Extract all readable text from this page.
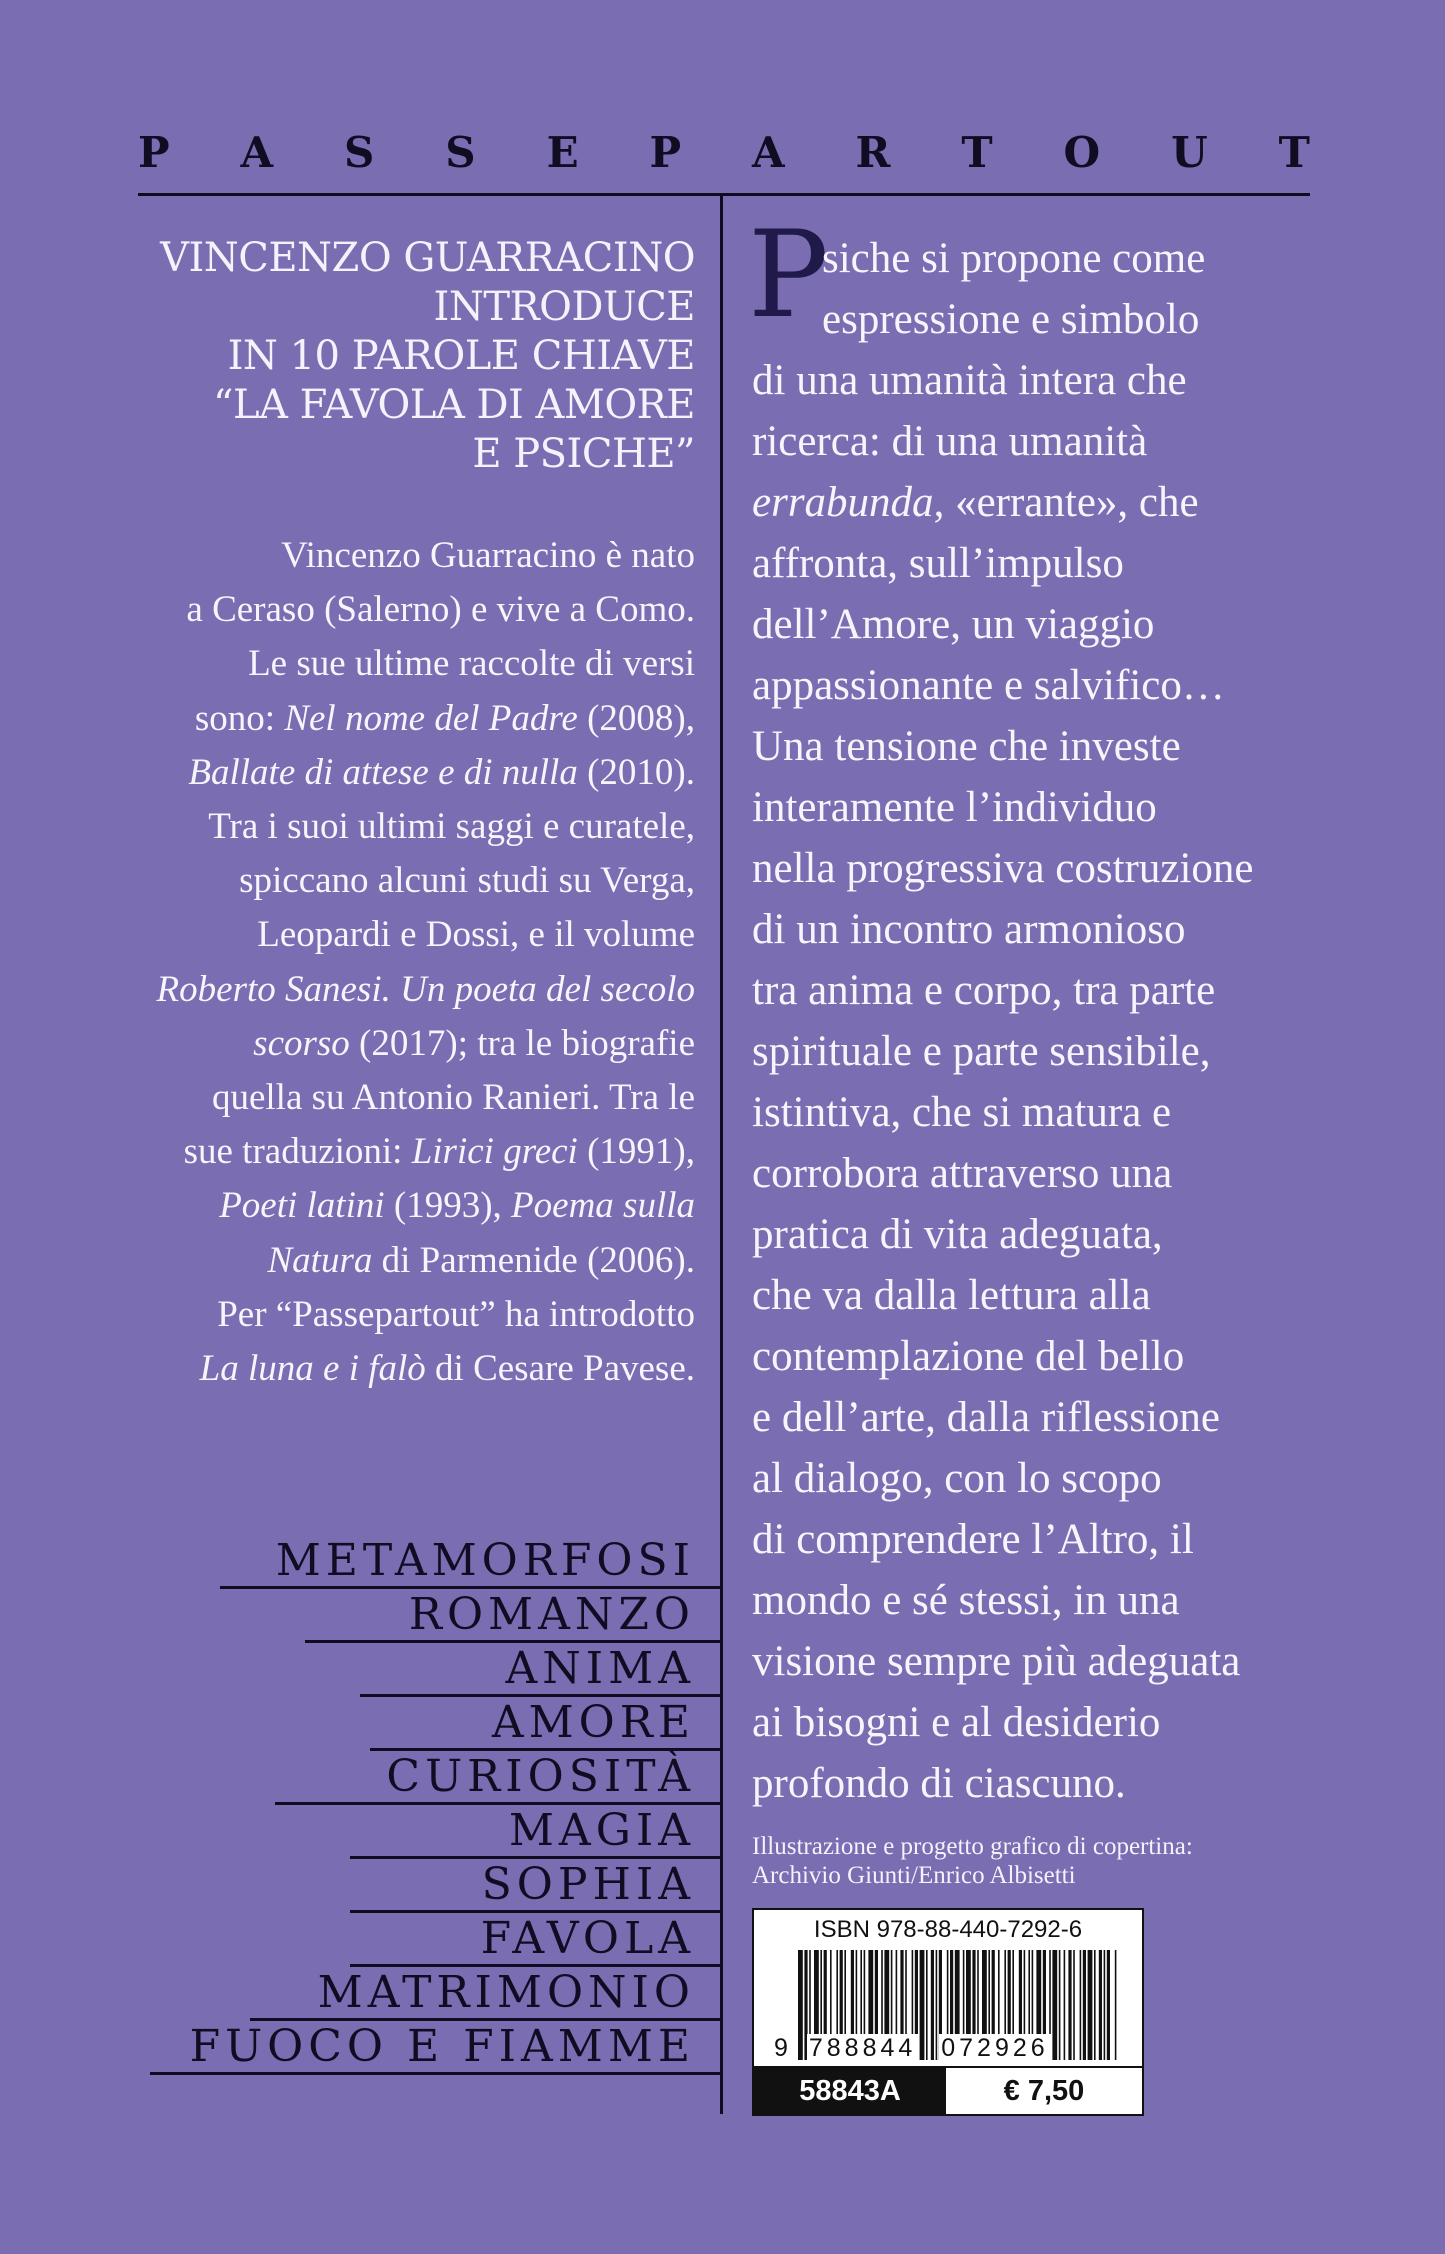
P A S S E P A R T O U T
VINCENZO GUARRACINO
INTRODUCE
IN 10 PAROLE CHIAVE
“LA FAVOLA DI AMORE
E PSICHE”
Vincenzo Guarracino è nato
a Ceraso (Salerno) e vive a Como.
Le sue ultime raccolte di versi
sono: Nel nome del Padre (2008),
Ballate di attese e di nulla (2010).
Tra i suoi ultimi saggi e curatele,
spiccano alcuni studi su Verga,
Leopardi e Dossi, e il volume
Roberto Sanesi. Un poeta del secolo
scorso (2017); tra le biografie
quella su Antonio Ranieri. Tra le
sue traduzioni: Lirici greci (1991),
Poeti latini (1993), Poema sulla
Natura di Parmenide (2006).
Per “Passepartout” ha introdotto
La luna e i falò di Cesare Pavese.
METAMORFOSI
ROMANZO
ANIMA
AMORE
CURIOSITÀ
MAGIA
SOPHIA
FAVOLA
MATRIMONIO
FUOCO E FIAMME
P
siche si propone come
espressione e simbolo
di una umanità intera che
ricerca: di una umanità
errabunda, «errante», che
affronta, sull’impulso
dell’Amore, un viaggio
appassionante e salvifico…
Una tensione che investe
interamente l’individuo
nella progressiva costruzione
di un incontro armonioso
tra anima e corpo, tra parte
spirituale e parte sensibile,
istintiva, che si matura e
corrobora attraverso una
pratica di vita adeguata,
che va dalla lettura alla
contemplazione del bello
e dell’arte, dalla riflessione
al dialogo, con lo scopo
di comprendere l’Altro, il
mondo e sé stessi, in una
visione sempre più adeguata
ai bisogni e al desiderio
profondo di ciascuno.
Illustrazione e progetto grafico di copertina:
Archivio Giunti/Enrico Albisetti
ISBN 978-88-440-7292-6
9 788844 072926
58843A	€ 7,50
